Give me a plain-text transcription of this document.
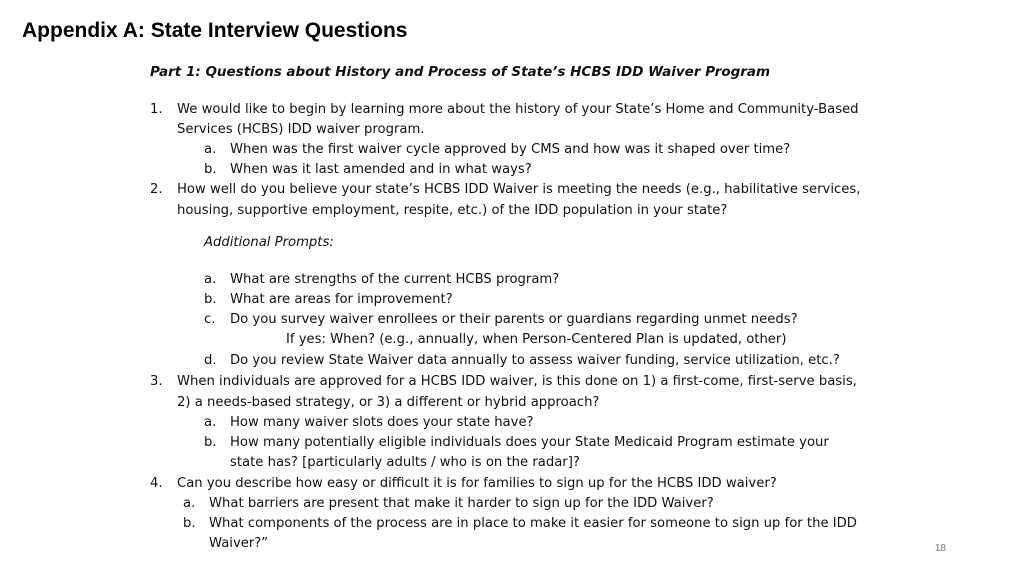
Appendix A: State Interview Questions
Part 1: Questions about History and Process of State’s HCBS IDD Waiver Program
1. We would like to begin by learning more about the history of your State’s Home and Community-Based
Services (HCBS) IDD waiver program.
a. When was the first waiver cycle approved by CMS and how was it shaped over time?
b. When was it last amended and in what ways?
2. How well do you believe your state’s HCBS IDD Waiver is meeting the needs (e.g., habilitative services,
housing, supportive employment, respite, etc.) of the IDD population in your state?
Additional Prompts:
a. What are strengths of the current HCBS program?
b. What are areas for improvement?
c. Do you survey waiver enrollees or their parents or guardians regarding unmet needs?
If yes: When? (e.g., annually, when Person-Centered Plan is updated, other)
d. Do you review State Waiver data annually to assess waiver funding, service utilization, etc.?
3. When individuals are approved for a HCBS IDD waiver, is this done on 1) a first-come, first-serve basis,
2) a needs-based strategy, or 3) a different or hybrid approach?
a. How many waiver slots does your state have?
b. How many potentially eligible individuals does your State Medicaid Program estimate your
state has? [particularly adults / who is on the radar]?
4. Can you describe how easy or difficult it is for families to sign up for the HCBS IDD waiver?
a. What barriers are present that make it harder to sign up for the IDD Waiver?
b. What components of the process are in place to make it easier for someone to sign up for the IDD
Waiver?”	18
